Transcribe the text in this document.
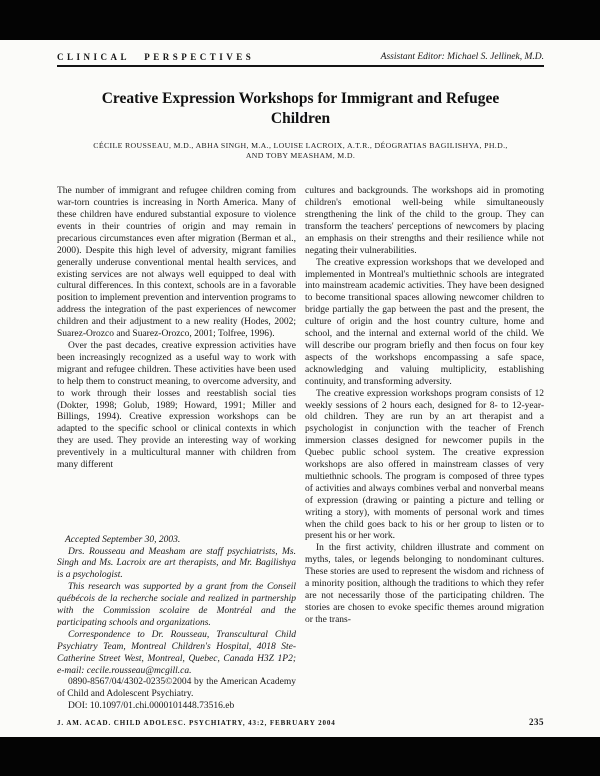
CLINICAL PERSPECTIVES	Assistant Editor: Michael S. Jellinek, M.D.
Creative Expression Workshops for Immigrant and Refugee Children
CÉCILE ROUSSEAU, M.D., ABHA SINGH, M.A., LOUISE LACROIX, A.T.R., DÉOGRATIAS BAGILISHYA, PH.D.,
AND TOBY MEASHAM, M.D.

The number of immigrant and refugee children coming from war-torn countries is increasing in North America. Many of these children have endured substantial exposure to violence events in their countries of origin and may remain in precarious circumstances even after migration (Berman et al., 2000). Despite this high level of adversity, migrant families generally underuse conventional mental health services, and existing services are not always well equipped to deal with cultural differences. In this context, schools are in a favorable position to implement prevention and intervention programs to address the integration of the past experiences of newcomer children and their adjustment to a new reality (Hodes, 2002; Suarez-Orozco and Suarez-Orozco, 2001; Tolfree, 1996).

Over the past decades, creative expression activities have been increasingly recognized as a useful way to work with migrant and refugee children. These activities have been used to help them to construct meaning, to overcome adversity, and to work through their losses and reestablish social ties (Dokter, 1998; Golub, 1989; Howard, 1991; Miller and Billings, 1994). Creative expression workshops can be adapted to the specific school or clinical contexts in which they are used. They provide an interesting way of working preventively in a multicultural manner with children from many different

Accepted September 30, 2003.

Drs. Rousseau and Measham are staff psychiatrists, Ms. Singh and Ms. Lacroix are art therapists, and Mr. Bagilishya is a psychologist.

This research was supported by a grant from the Conseil québécois de la recherche sociale and realized in partnership with the Commission scolaire de Montréal and the participating schools and organizations.

Correspondence to Dr. Rousseau, Transcultural Child Psychiatry Team, Montreal Children's Hospital, 4018 Ste-Catherine Street West, Montreal, Quebec, Canada H3Z 1P2; e-mail: cecile.rousseau@mcgill.ca.

0890-8567/04/4302-0235©2004 by the American Academy of Child and Adolescent Psychiatry.

DOI: 10.1097/01.chi.0000101448.73516.eb

cultures and backgrounds. The workshops aid in promoting children's emotional well-being while simultaneously strengthening the link of the child to the group. They can transform the teachers' perceptions of newcomers by placing an emphasis on their strengths and their resilience while not negating their vulnerabilities.

The creative expression workshops that we developed and implemented in Montreal's multiethnic schools are integrated into mainstream academic activities. They have been designed to become transitional spaces allowing newcomer children to bridge partially the gap between the past and the present, the culture of origin and the host country culture, home and school, and the internal and external world of the child. We will describe our program briefly and then focus on four key aspects of the workshops encompassing a safe space, acknowledging and valuing multiplicity, establishing continuity, and transforming adversity.

The creative expression workshops program consists of 12 weekly sessions of 2 hours each, designed for 8- to 12-year-old children. They are run by an art therapist and a psychologist in conjunction with the teacher of French immersion classes designed for newcomer pupils in the Quebec public school system. The creative expression workshops are also offered in mainstream classes of very multiethnic schools. The program is composed of three types of activities and always combines verbal and nonverbal means of expression (drawing or painting a picture and telling or writing a story), with moments of personal work and times when the child goes back to his or her group to listen or to present his or her work.

In the first activity, children illustrate and comment on myths, tales, or legends belonging to nondominant cultures. These stories are used to represent the wisdom and richness of a minority position, although the traditions to which they refer are not necessarily those of the participating children. The stories are chosen to evoke specific themes around migration or the trans-

J. AM. ACAD. CHILD ADOLESC. PSYCHIATRY, 43:2, FEBRUARY 2004	235
